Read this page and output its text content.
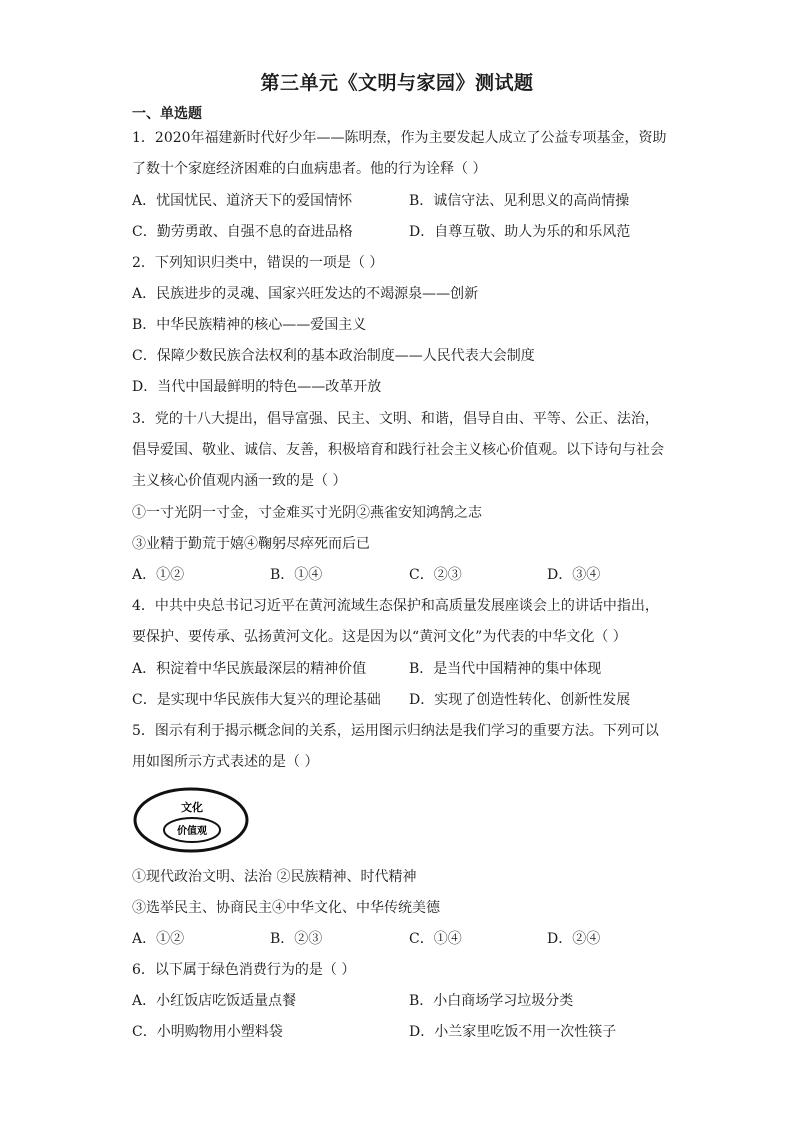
第三单元《文明与家园》测试题
一、单选题
1．2020年福建新时代好少年——陈明焘，作为主要发起人成立了公益专项基金，资助
了数十个家庭经济困难的白血病患者。他的行为诠释（ ）
A．忧国忧民、道济天下的爱国情怀	B．诚信守法、见利思义的高尚情操
C．勤劳勇敢、自强不息的奋进品格	D．自尊互敬、助人为乐的和乐风范
2．下列知识归类中，错误的一项是（ ）
A．民族进步的灵魂、国家兴旺发达的不竭源泉——创新
B．中华民族精神的核心——爱国主义
C．保障少数民族合法权利的基本政治制度——人民代表大会制度
D．当代中国最鲜明的特色——改革开放
3．党的十八大提出，倡导富强、民主、文明、和谐，倡导自由、平等、公正、法治，
倡导爱国、敬业、诚信、友善，积极培育和践行社会主义核心价值观。以下诗句与社会
主义核心价值观内涵一致的是（ ）
①一寸光阴一寸金，寸金难买寸光阴②燕雀安知鸿鹄之志
③业精于勤荒于嬉④鞠躬尽瘁死而后已
A．①②	B．①④	C．②③	D．③④
4．中共中央总书记习近平在黄河流域生态保护和高质量发展座谈会上的讲话中指出，
要保护、要传承、弘扬黄河文化。这是因为以“黄河文化”为代表的中华文化（ ）
A．积淀着中华民族最深层的精神价值	B．是当代中国精神的集中体现
C．是实现中华民族伟大复兴的理论基础 D．实现了创造性转化、创新性发展
5．图示有利于揭示概念间的关系，运用图示归纳法是我们学习的重要方法。下列可以
用如图所示方式表述的是（ ）
文化
价值观
①现代政治文明、法治 ②民族精神、时代精神
③选举民主、协商民主④中华文化、中华传统美德
A．①②	B．②③	C．①④	D．②④
6．以下属于绿色消费行为的是（ ）
A．小红饭店吃饭适量点餐	B．小白商场学习垃圾分类
C．小明购物用小塑料袋	D．小兰家里吃饭不用一次性筷子
